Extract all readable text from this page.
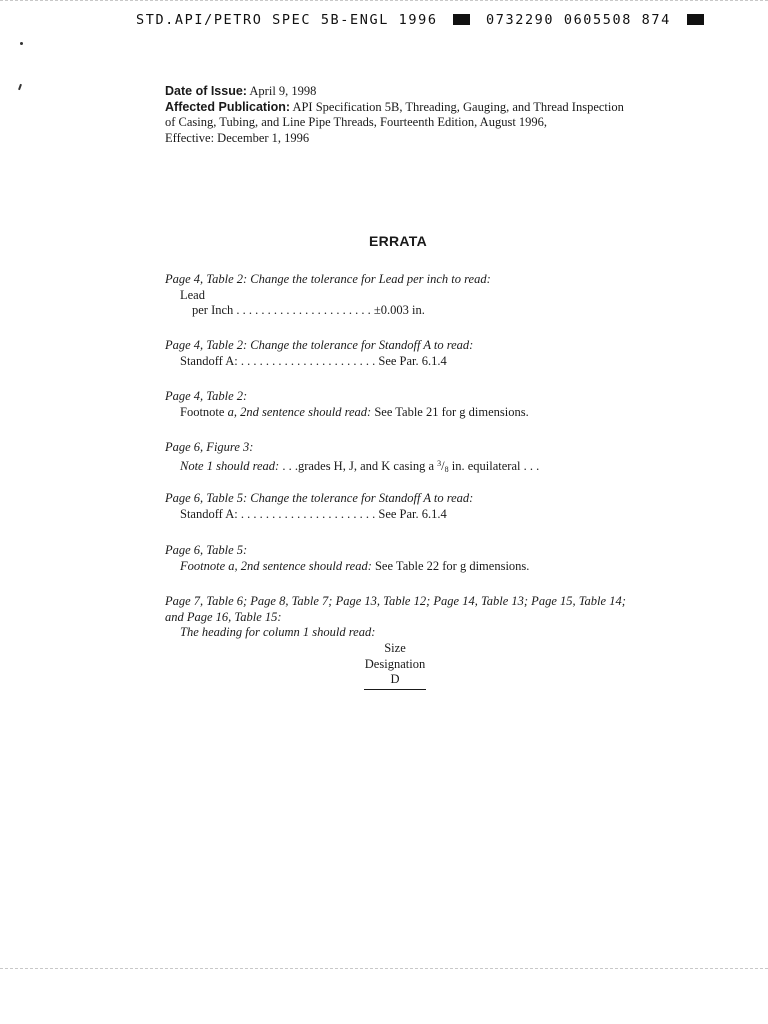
STD.API/PETRO SPEC 5B-ENGL 1996	0732290 0605508 874
Date of Issue: April 9, 1998
Affected Publication: API Specification 5B, Threading, Gauging, and Thread Inspection
of Casing, Tubing, and Line Pipe Threads, Fourteenth Edition, August 1996,
Effective: December 1, 1996
ERRATA
Page 4, Table 2: Change the tolerance for Lead per inch to read:
Lead
per Inch . . . . . . . . . . . . . . . . . . . . . . ±0.003 in.
Page 4, Table 2: Change the tolerance for Standoff A to read:
Standoff A: . . . . . . . . . . . . . . . . . . . . . . See Par. 6.1.4
Page 4, Table 2:
Footnote a, 2nd sentence should read: See Table 21 for g dimensions.
Page 6, Figure 3:
Note 1 should read: . . .grades H, J, and K casing a $^3$/8 in. equilateral . . .
Page 6, Table 5: Change the tolerance for Standoff A to read:
Standoff A: . . . . . . . . . . . . . . . . . . . . . . See Par. 6.1.4
Page 6, Table 5:
Footnote a, 2nd sentence should read: See Table 22 for g dimensions.
Page 7, Table 6; Page 8, Table 7; Page 13, Table 12; Page 14, Table 13; Page 15, Table 14;
and Page 16, Table 15:
The heading for column 1 should read:
Size
Designation
D
